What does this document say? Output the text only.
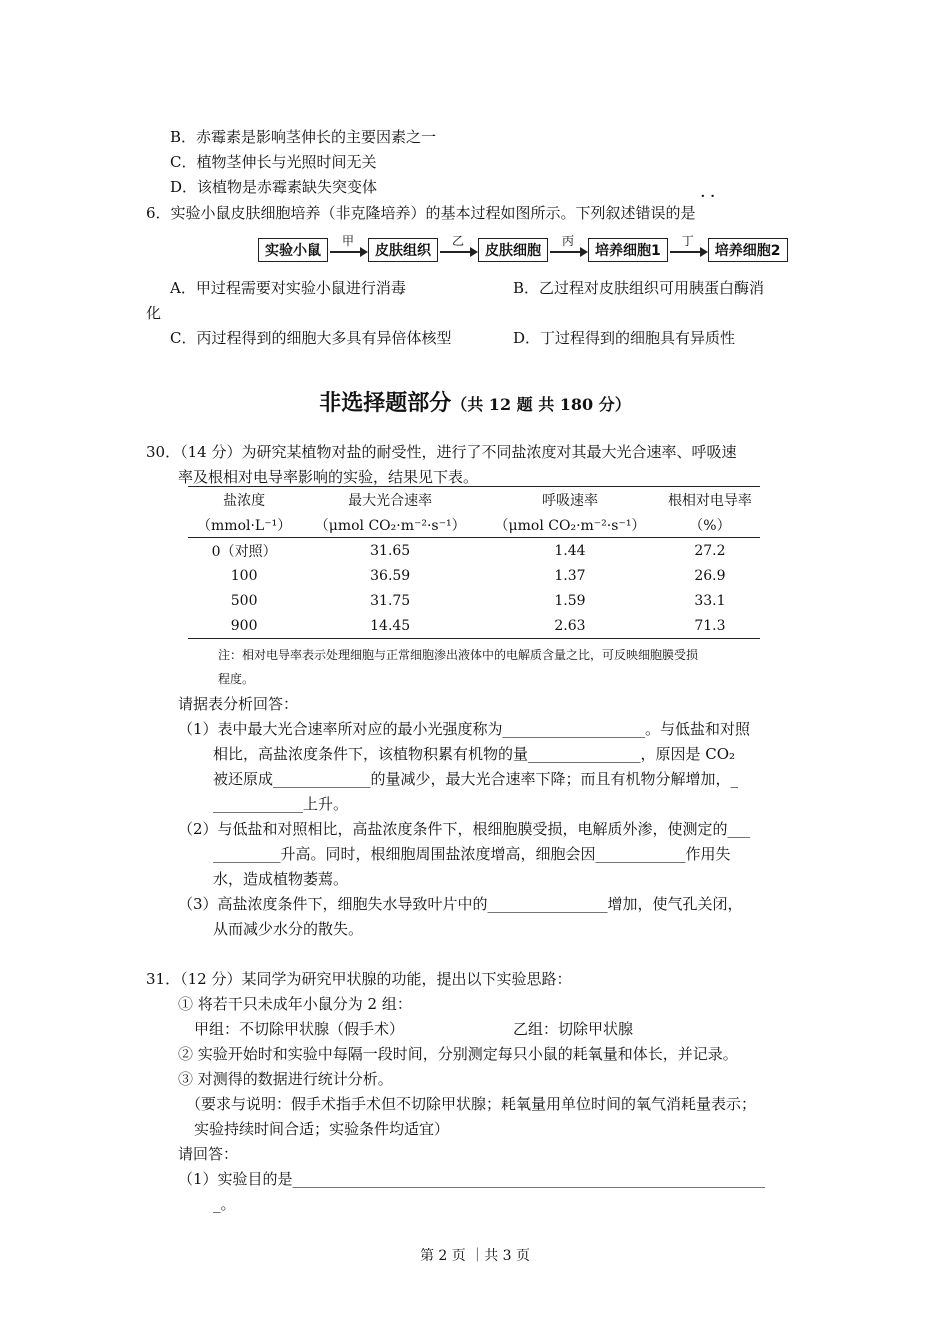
B．赤霉素是影响茎伸长的主要因素之一
C．植物茎伸长与光照时间无关
D．该植物是赤霉素缺失突变体	··
6．实验小鼠皮肤细胞培养（非克隆培养）的基本过程如图所示。下列叙述错误的是
实验小鼠
甲
皮肤组织
乙
皮肤细胞
丙
培养细胞1
丁
培养细胞2
A．甲过程需要对实验小鼠进行消毒	B．乙过程对皮肤组织可用胰蛋白酶消
化
C．丙过程得到的细胞大多具有异倍体核型	D．丁过程得到的细胞具有异质性
非选择题部分（共 12 题 共 180 分）
30．（14 分）为研究某植物对盐的耐受性，进行了不同盐浓度对其最大光合速率、呼吸速
率及根相对电导率影响的实验，结果见下表。
盐浓度	最大光合速率	呼吸速率	根相对电导率
（mmol·L⁻¹）	（μmol CO₂·m⁻²·s⁻¹）	（μmol CO₂·m⁻²·s⁻¹）	（%）
0（对照）	31.65	1.44	27.2
100	36.59	1.37	26.9
500	31.75	1.59	33.1
900	14.45	2.63	71.3
注：相对电导率表示处理细胞与正常细胞渗出液体中的电解质含量之比，可反映细胞膜受损
程度。
请据表分析回答：
（1）表中最大光合速率所对应的最小光强度称为___________________。与低盐和对照
相比，高盐浓度条件下，该植物积累有机物的量_______________，原因是 CO₂
被还原成_____________的量减少，最大光合速率下降；而且有机物分解增加，_
____________上升。
（2）与低盐和对照相比，高盐浓度条件下，根细胞膜受损，电解质外渗，使测定的___
_________升高。同时，根细胞周围盐浓度增高，细胞会因____________作用失
水，造成植物萎蔫。
（3）高盐浓度条件下，细胞失水导致叶片中的________________增加，使气孔关闭，
从而减少水分的散失。
31．（12 分）某同学为研究甲状腺的功能，提出以下实验思路：
① 将若干只未成年小鼠分为 2 组：
甲组：不切除甲状腺（假手术）	乙组：切除甲状腺
② 实验开始时和实验中每隔一段时间，分别测定每只小鼠的耗氧量和体长，并记录。
③ 对测得的数据进行统计分析。
（要求与说明：假手术指手术但不切除甲状腺；耗氧量用单位时间的氧气消耗量表示；
实验持续时间合适；实验条件均适宜）
请回答：
（1）实验目的是_______________________________________________________________
_。
第 2 页 ｜共 3 页
